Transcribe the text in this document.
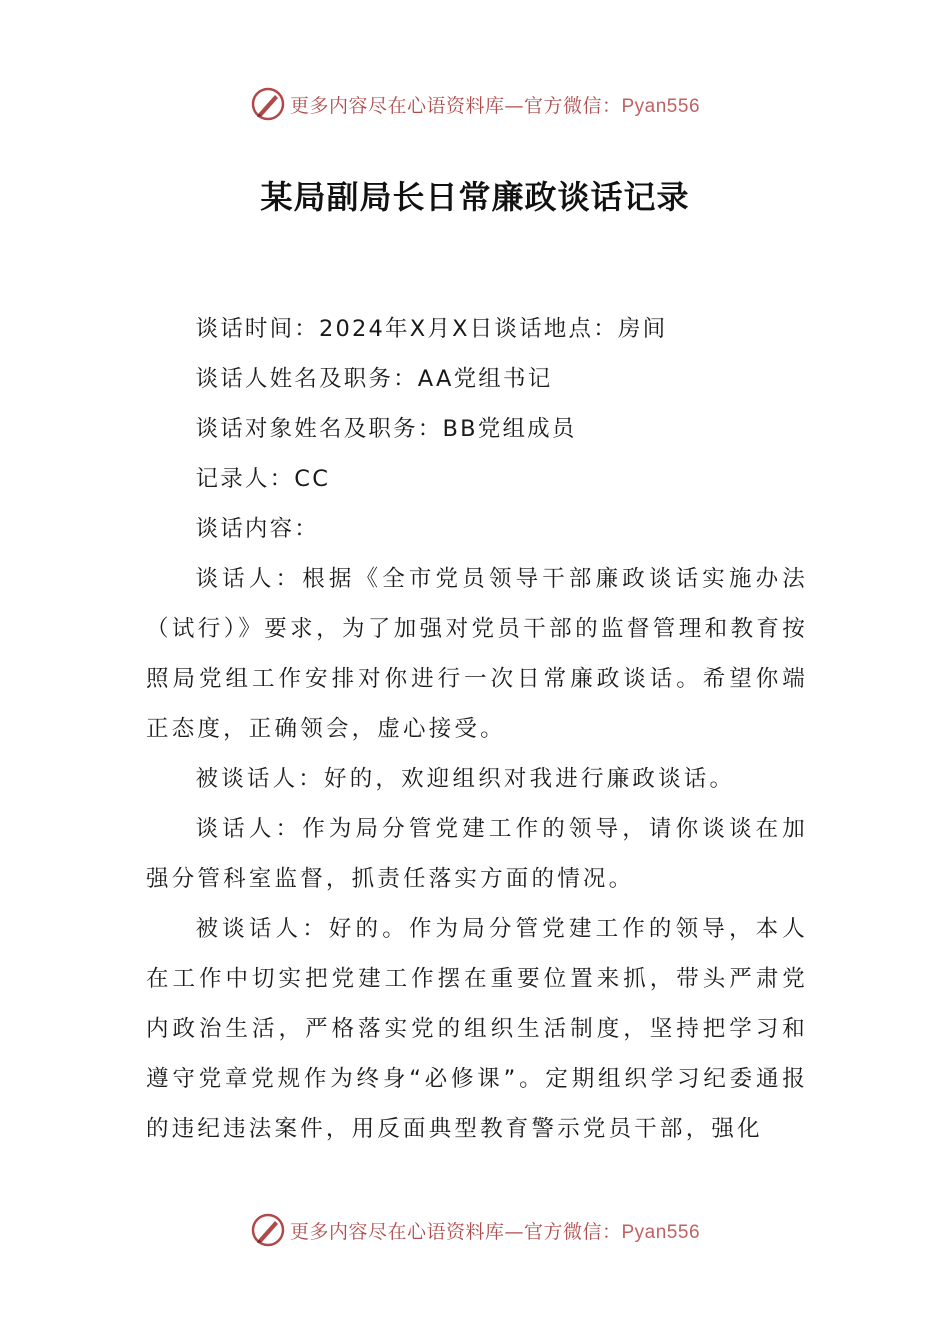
更多内容尽在心语资料库—官方微信：Pyan556
某局副局长日常廉政谈话记录

谈话时间：2024年X月X日谈话地点：房间

谈话人姓名及职务：AA党组书记

谈话对象姓名及职务：BB党组成员

记录人：CC

谈话内容：

谈话人：根据《全市党员领导干部廉政谈话实施办法（试行）》要求，为了加强对党员干部的监督管理和教育按照局党组工作安排对你进行一次日常廉政谈话。希望你端正态度，正确领会，虚心接受。

被谈话人：好的，欢迎组织对我进行廉政谈话。

谈话人：作为局分管党建工作的领导，请你谈谈在加强分管科室监督，抓责任落实方面的情况。

被谈话人：好的。作为局分管党建工作的领导，本人在工作中切实把党建工作摆在重要位置来抓，带头严肃党内政治生活，严格落实党的组织生活制度，坚持把学习和遵守党章党规作为终身“必修课”。定期组织学习纪委通报的违纪违法案件，用反面典型教育警示党员干部，强化

更多内容尽在心语资料库—官方微信：Pyan556
